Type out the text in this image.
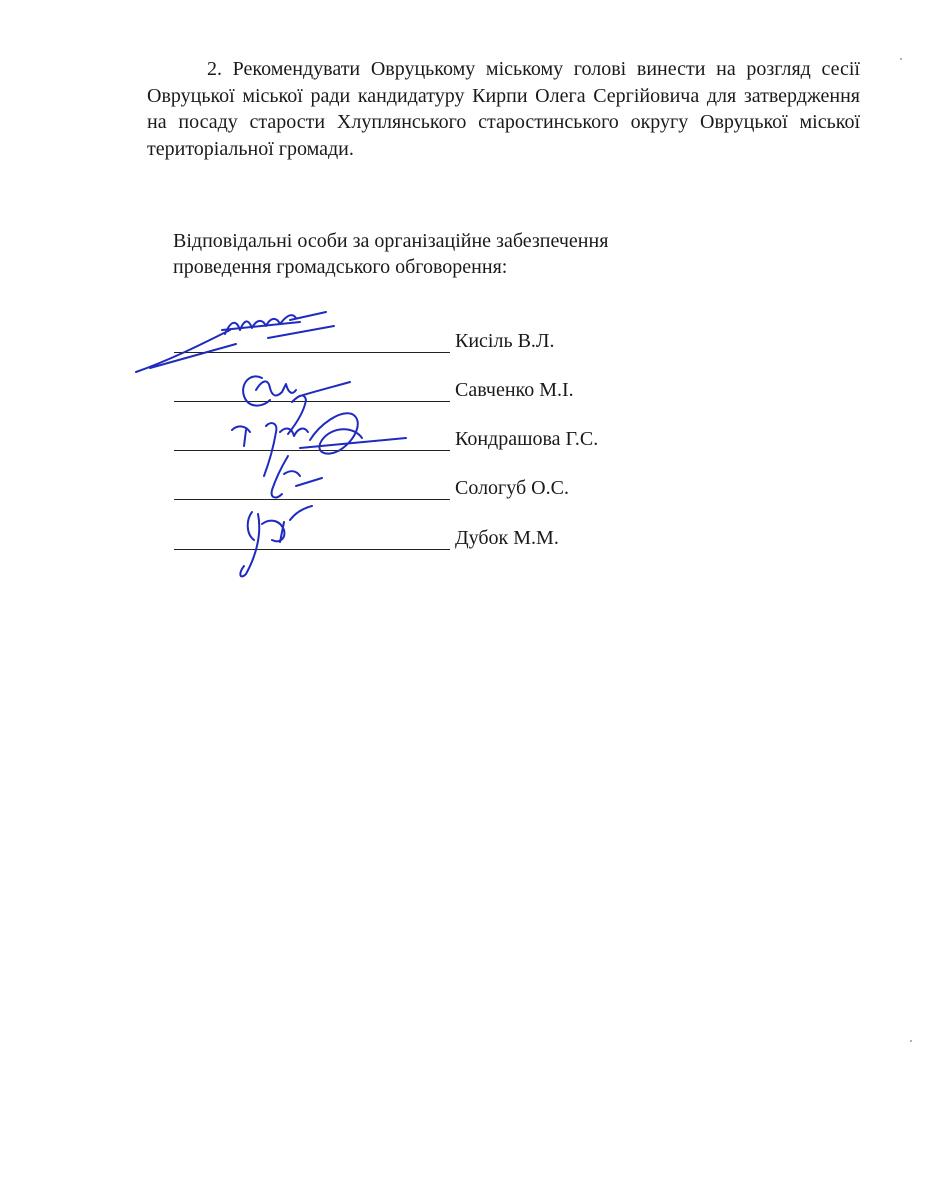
2. Рекомендувати Овруцькому міському голові винести на розгляд сесії Овруцької міської ради кандидатуру Кирпи Олега Сергійовича для затвердження на посаду старости Хлуплянського старостинського округу Овруцької міської територіальної громади.

Відповідальні особи за організаційне забезпечення
проведення громадського обговорення:
Кисіль В.Л.
Савченко М.І.
Кондрашова Г.С.
Сологуб О.С.
Дубок М.М.
